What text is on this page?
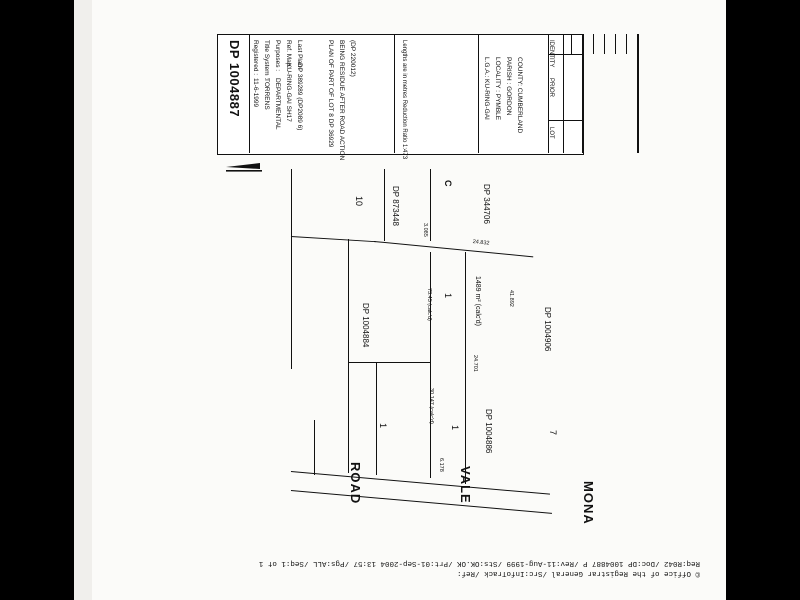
DP 1004887 Registered :
11-6-1999
Title System :
TORRENS
Purposes :
DEPARTMENTAL
Ref. Map:
KU-RING-GAI SH17
Last Plan :
DP 389289 (DP2089 6)	PLAN OF PART OF LOT 8 DP 36929 BEING RESIDUE AFTER ROAD ACTION (DP 220012)	Lengths are in metres Reduction Ratio 1:473	L.G.A.: KU-RING-GAI LOCALITY : PYMBLE PARISH : GORDON COUNTY: CUMBERLAND	LOT
PRIOR
IDENTITY
10	DP 873448
C
DP 344706
DP 1004884
1	1489 m² (calc'd)
DP 1004906
1	DP 1004886	7
1
3.085
24.832
41.892
73.45 (calc'd)
24.701
30.147 (calc'd)
6.178
ROAD	VALE	MONA
Req:R042 /Doc:DP 1004887 P /Rev:11-Aug-1999 /Sts:OK.OK /Prt:01-Sep-2004 13:57 /Pgs:ALL /Seq:1 of 1
© Office of the Registrar General /Src:InfoTrack /Ref:
